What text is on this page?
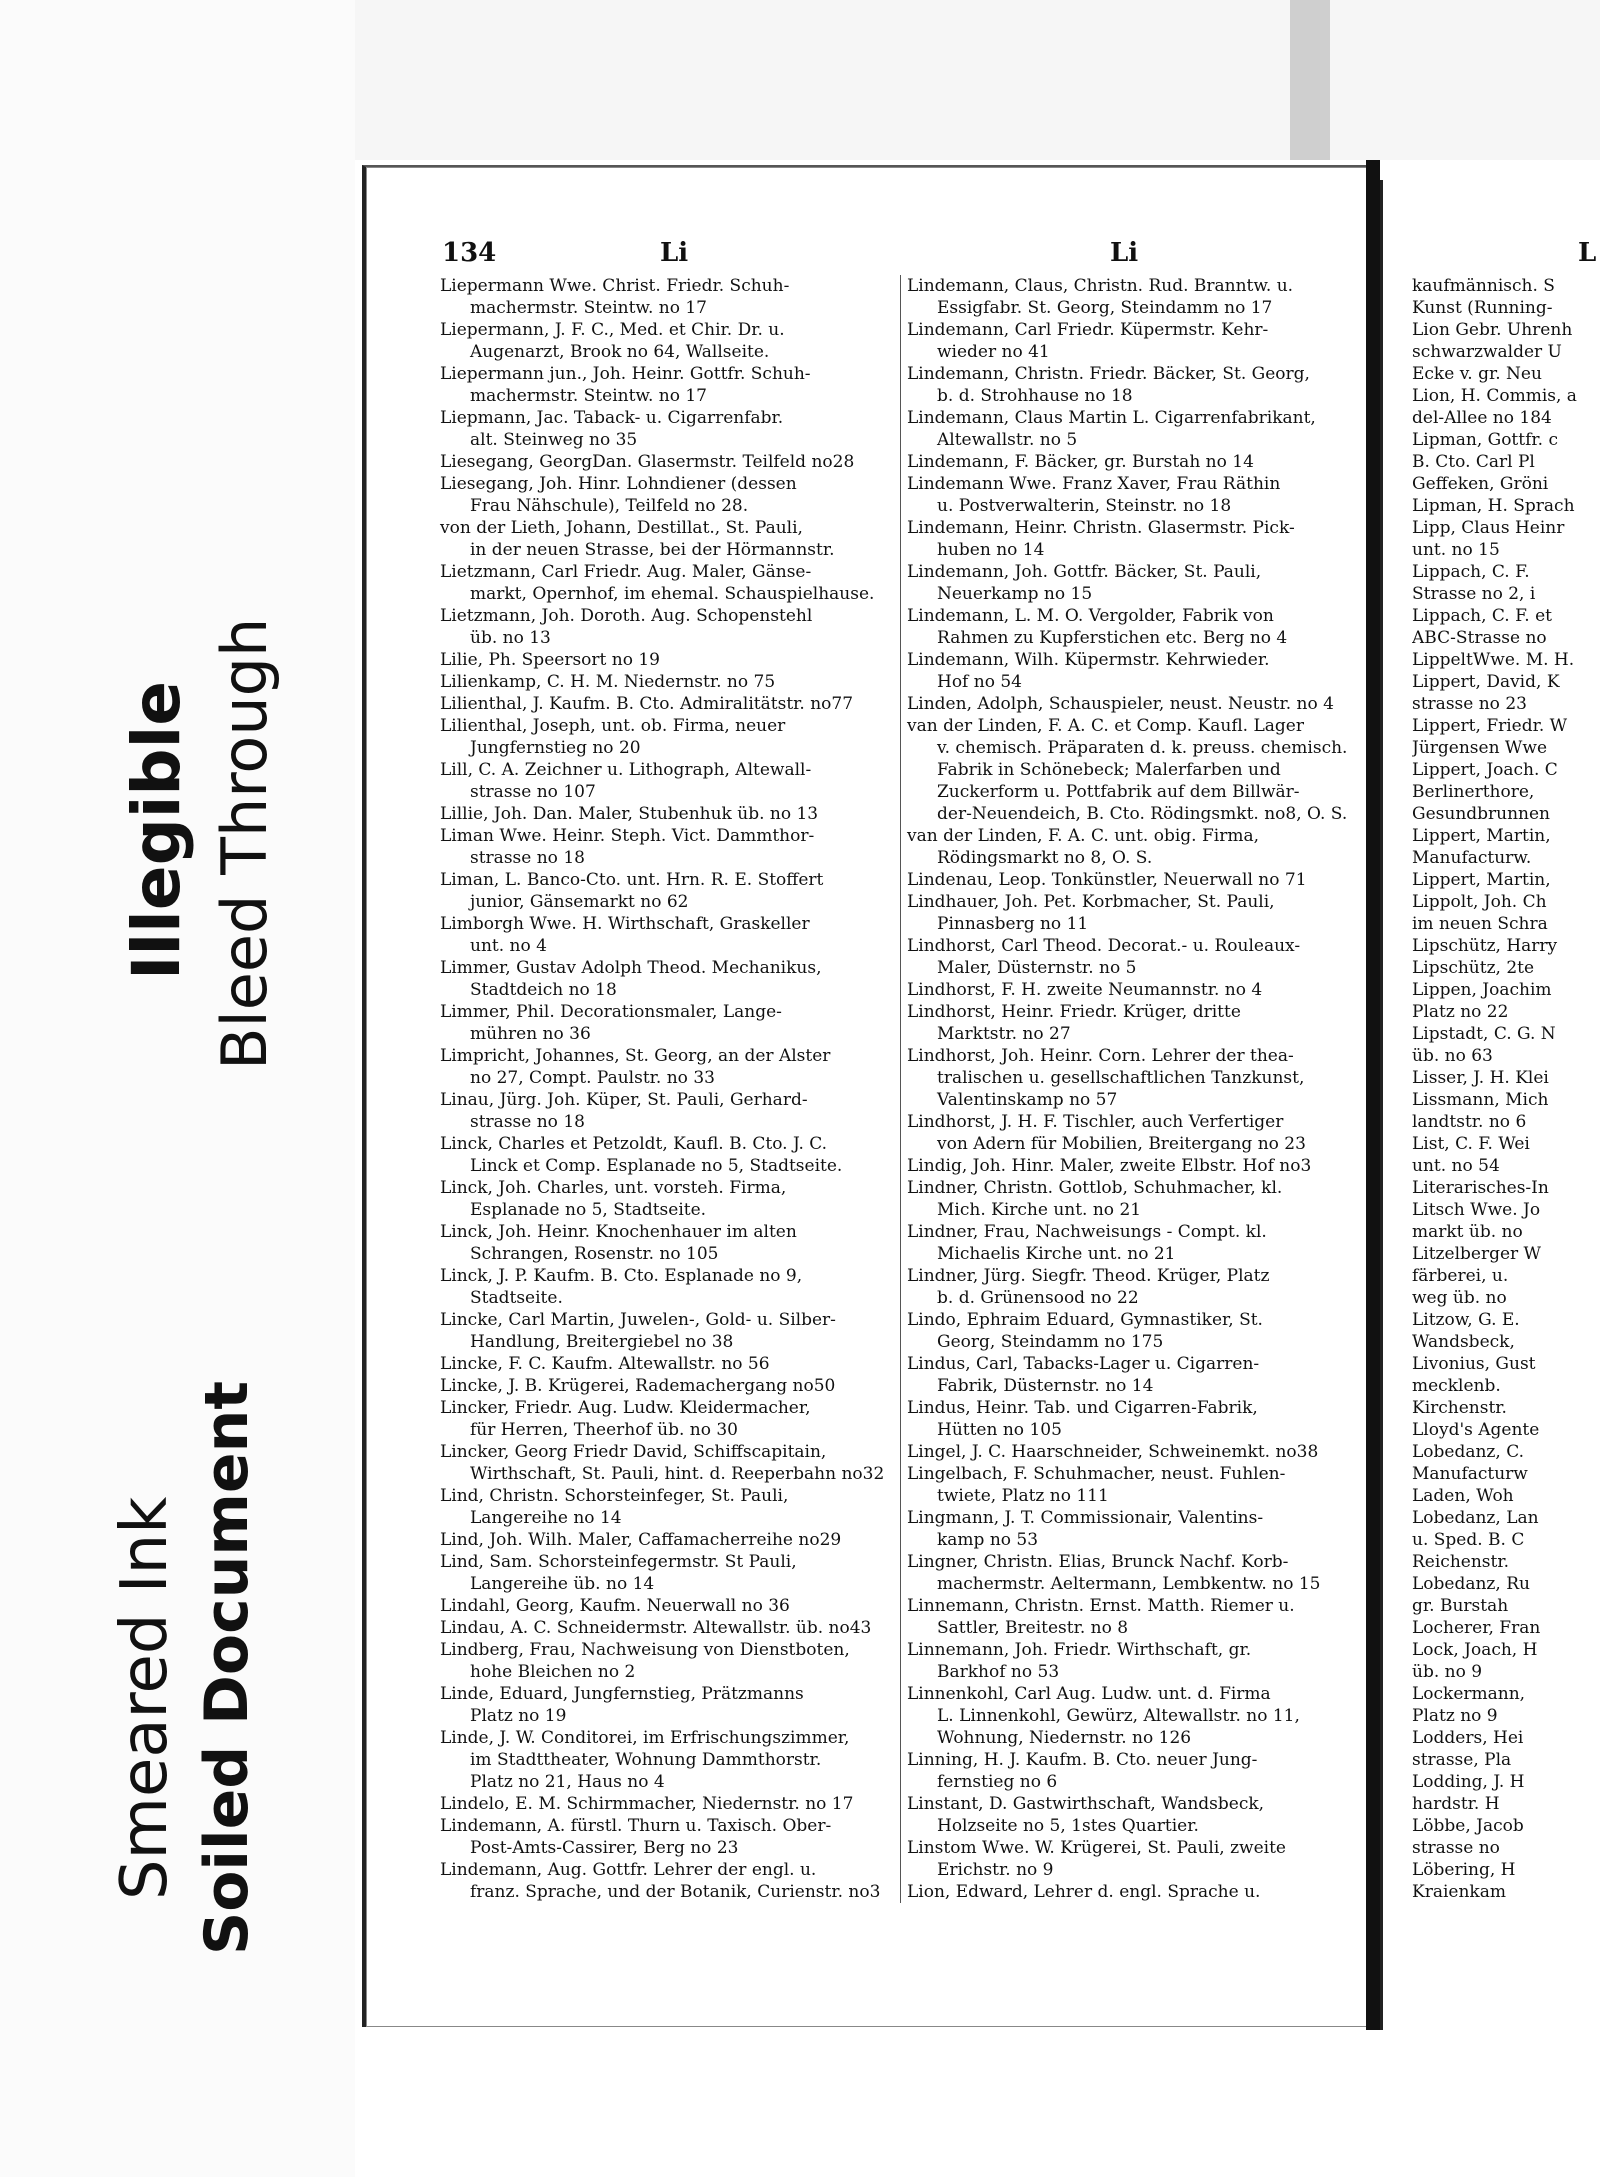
Illegible Bleed Through
Smeared Ink Soiled Document
134	Li	Li	L
Liepermann Wwe. Christ. Friedr. Schuh-
machermstr. Steintw. no 17
Liepermann, J. F. C., Med. et Chir. Dr. u.
Augenarzt, Brook no 64, Wallseite.
Liepermann jun., Joh. Heinr. Gottfr. Schuh-
machermstr. Steintw. no 17
Liepmann, Jac. Taback- u. Cigarrenfabr.
alt. Steinweg no 35
Liesegang, GeorgDan. Glasermstr. Teilfeld no28
Liesegang, Joh. Hinr. Lohndiener (dessen
Frau Nähschule), Teilfeld no 28.
von der Lieth, Johann, Destillat., St. Pauli,
in der neuen Strasse, bei der Hörmannstr.
Lietzmann, Carl Friedr. Aug. Maler, Gänse-
markt, Opernhof, im ehemal. Schauspielhause.
Lietzmann, Joh. Doroth. Aug. Schopenstehl
üb. no 13
Lilie, Ph. Speersort no 19
Lilienkamp, C. H. M. Niedernstr. no 75
Lilienthal, J. Kaufm. B. Cto. Admiralitätstr. no77
Lilienthal, Joseph, unt. ob. Firma, neuer
Jungfernstieg no 20
Lill, C. A. Zeichner u. Lithograph, Altewall-
strasse no 107
Lillie, Joh. Dan. Maler, Stubenhuk üb. no 13
Liman Wwe. Heinr. Steph. Vict. Dammthor-
strasse no 18
Liman, L. Banco-Cto. unt. Hrn. R. E. Stoffert
junior, Gänsemarkt no 62
Limborgh Wwe. H. Wirthschaft, Graskeller
unt. no 4
Limmer, Gustav Adolph Theod. Mechanikus,
Stadtdeich no 18
Limmer, Phil. Decorationsmaler, Lange-
mühren no 36
Limpricht, Johannes, St. Georg, an der Alster
no 27, Compt. Paulstr. no 33
Linau, Jürg. Joh. Küper, St. Pauli, Gerhard-
strasse no 18
Linck, Charles et Petzoldt, Kaufl. B. Cto. J. C.
Linck et Comp. Esplanade no 5, Stadtseite.
Linck, Joh. Charles, unt. vorsteh. Firma,
Esplanade no 5, Stadtseite.
Linck, Joh. Heinr. Knochenhauer im alten
Schrangen, Rosenstr. no 105
Linck, J. P. Kaufm. B. Cto. Esplanade no 9,
Stadtseite.
Lincke, Carl Martin, Juwelen-, Gold- u. Silber-
Handlung, Breitergiebel no 38
Lincke, F. C. Kaufm. Altewallstr. no 56
Lincke, J. B. Krügerei, Rademachergang no50
Lincker, Friedr. Aug. Ludw. Kleidermacher,
für Herren, Theerhof üb. no 30
Lincker, Georg Friedr David, Schiffscapitain,
Wirthschaft, St. Pauli, hint. d. Reeperbahn no32
Lind, Christn. Schorsteinfeger, St. Pauli,
Langereihe no 14
Lind, Joh. Wilh. Maler, Caffamacherreihe no29
Lind, Sam. Schorsteinfegermstr. St Pauli,
Langereihe üb. no 14
Lindahl, Georg, Kaufm. Neuerwall no 36
Lindau, A. C. Schneidermstr. Altewallstr. üb. no43
Lindberg, Frau, Nachweisung von Dienstboten,
hohe Bleichen no 2
Linde, Eduard, Jungfernstieg, Prätzmanns
Platz no 19
Linde, J. W. Conditorei, im Erfrischungszimmer,
im Stadttheater, Wohnung Dammthorstr.
Platz no 21, Haus no 4
Lindelo, E. M. Schirmmacher, Niedernstr. no 17
Lindemann, A. fürstl. Thurn u. Taxisch. Ober-
Post-Amts-Cassirer, Berg no 23
Lindemann, Aug. Gottfr. Lehrer der engl. u.
franz. Sprache, und der Botanik, Curienstr. no3
Lindemann, Claus, Christn. Rud. Branntw. u.
Essigfabr. St. Georg, Steindamm no 17
Lindemann, Carl Friedr. Küpermstr. Kehr-
wieder no 41
Lindemann, Christn. Friedr. Bäcker, St. Georg,
b. d. Strohhause no 18
Lindemann, Claus Martin L. Cigarrenfabrikant,
Altewallstr. no 5
Lindemann, F. Bäcker, gr. Burstah no 14
Lindemann Wwe. Franz Xaver, Frau Räthin
u. Postverwalterin, Steinstr. no 18
Lindemann, Heinr. Christn. Glasermstr. Pick-
huben no 14
Lindemann, Joh. Gottfr. Bäcker, St. Pauli,
Neuerkamp no 15
Lindemann, L. M. O. Vergolder, Fabrik von
Rahmen zu Kupferstichen etc. Berg no 4
Lindemann, Wilh. Küpermstr. Kehrwieder.
Hof no 54
Linden, Adolph, Schauspieler, neust. Neustr. no 4
van der Linden, F. A. C. et Comp. Kaufl. Lager
v. chemisch. Präparaten d. k. preuss. chemisch.
Fabrik in Schönebeck; Malerfarben und
Zuckerform u. Pottfabrik auf dem Billwär-
der-Neuendeich, B. Cto. Rödingsmkt. no8, O. S.
van der Linden, F. A. C. unt. obig. Firma,
Rödingsmarkt no 8, O. S.
Lindenau, Leop. Tonkünstler, Neuerwall no 71
Lindhauer, Joh. Pet. Korbmacher, St. Pauli,
Pinnasberg no 11
Lindhorst, Carl Theod. Decorat.- u. Rouleaux-
Maler, Düsternstr. no 5
Lindhorst, F. H. zweite Neumannstr. no 4
Lindhorst, Heinr. Friedr. Krüger, dritte
Marktstr. no 27
Lindhorst, Joh. Heinr. Corn. Lehrer der thea-
tralischen u. gesellschaftlichen Tanzkunst,
Valentinskamp no 57
Lindhorst, J. H. F. Tischler, auch Verfertiger
von Adern für Mobilien, Breitergang no 23
Lindig, Joh. Hinr. Maler, zweite Elbstr. Hof no3
Lindner, Christn. Gottlob, Schuhmacher, kl.
Mich. Kirche unt. no 21
Lindner, Frau, Nachweisungs - Compt. kl.
Michaelis Kirche unt. no 21
Lindner, Jürg. Siegfr. Theod. Krüger, Platz
b. d. Grünensood no 22
Lindo, Ephraim Eduard, Gymnastiker, St.
Georg, Steindamm no 175
Lindus, Carl, Tabacks-Lager u. Cigarren-
Fabrik, Düsternstr. no 14
Lindus, Heinr. Tab. und Cigarren-Fabrik,
Hütten no 105
Lingel, J. C. Haarschneider, Schweinemkt. no38
Lingelbach, F. Schuhmacher, neust. Fuhlen-
twiete, Platz no 111
Lingmann, J. T. Commissionair, Valentins-
kamp no 53
Lingner, Christn. Elias, Brunck Nachf. Korb-
machermstr. Aeltermann, Lembkentw. no 15
Linnemann, Christn. Ernst. Matth. Riemer u.
Sattler, Breitestr. no 8
Linnemann, Joh. Friedr. Wirthschaft, gr.
Barkhof no 53
Linnenkohl, Carl Aug. Ludw. unt. d. Firma
L. Linnenkohl, Gewürz, Altewallstr. no 11,
Wohnung, Niedernstr. no 126
Linning, H. J. Kaufm. B. Cto. neuer Jung-
fernstieg no 6
Linstant, D. Gastwirthschaft, Wandsbeck,
Holzseite no 5, 1stes Quartier.
Linstom Wwe. W. Krügerei, St. Pauli, zweite
Erichstr. no 9
Lion, Edward, Lehrer d. engl. Sprache u.
kaufmännisch. S
Kunst (Running-
Lion Gebr. Uhrenh
schwarzwalder U
Ecke v. gr. Neu
Lion, H. Commis, a
del-Allee no 184
Lipman, Gottfr. c
B. Cto. Carl Pl
Geffeken, Gröni
Lipman, H. Sprach
Lipp, Claus Heinr
unt. no 15
Lippach, C. F.
Strasse no 2, i
Lippach, C. F. et
ABC-Strasse no
LippeltWwe. M. H.
Lippert, David, K
strasse no 23
Lippert, Friedr. W
Jürgensen Wwe
Lippert, Joach. C
Berlinerthore,
Gesundbrunnen
Lippert, Martin,
Manufacturw.
Lippert, Martin,
Lippolt, Joh. Ch
im neuen Schra
Lipschütz, Harry
Lipschütz, 2te
Lippen, Joachim
Platz no 22
Lipstadt, C. G. N
üb. no 63
Lisser, J. H. Klei
Lissmann, Mich
landtstr. no 6
List, C. F. Wei
unt. no 54
Literarisches-In
Litsch Wwe. Jo
markt üb. no
Litzelberger W
färberei, u.
weg üb. no
Litzow, G. E.
Wandsbeck,
Livonius, Gust
mecklenb.
Kirchenstr.
Lloyd's Agente
Lobedanz, C.
Manufacturw
Laden, Woh
Lobedanz, Lan
u. Sped. B. C
Reichenstr.
Lobedanz, Ru
gr. Burstah
Locherer, Fran
Lock, Joach, H
üb. no 9
Lockermann,
Platz no 9
Lodders, Hei
strasse, Pla
Lodding, J. H
hardstr. H
Löbbe, Jacob
strasse no
Löbering, H
Kraienkam
